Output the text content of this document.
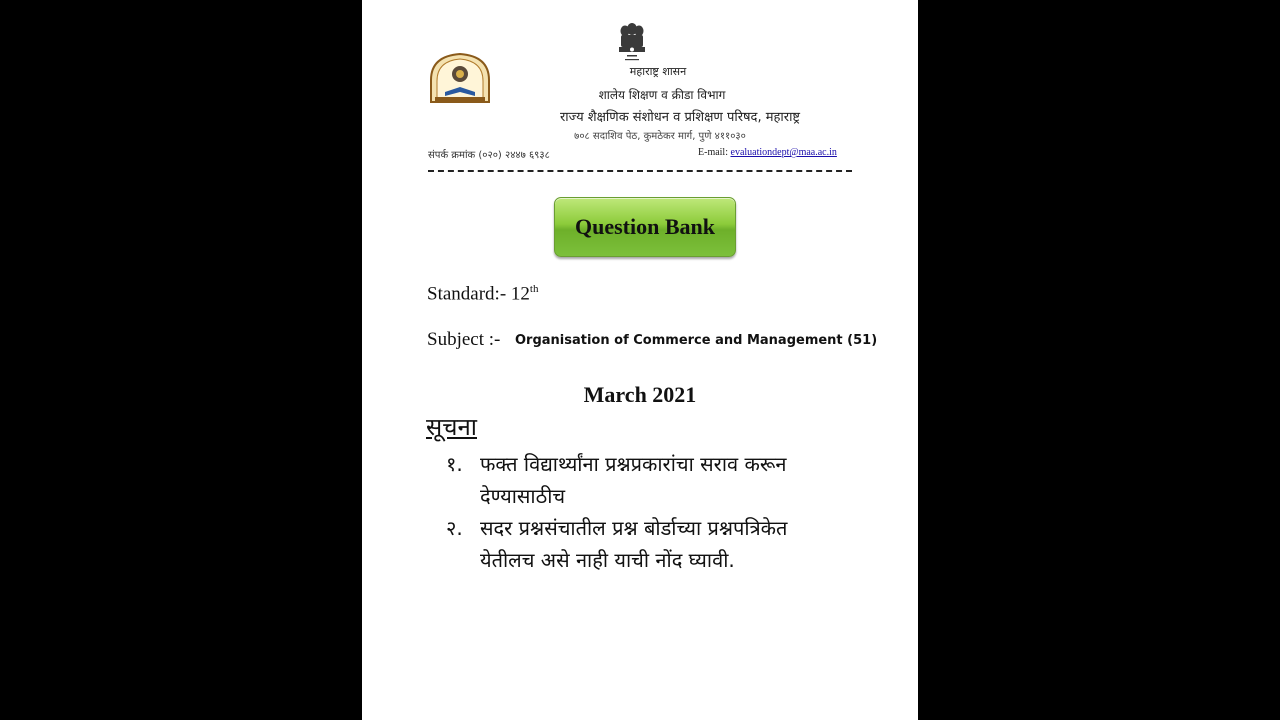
महाराष्ट्र शासन
शालेय शिक्षण व क्रीडा विभाग
राज्य शैक्षणिक संशोधन व प्रशिक्षण परिषद, महाराष्ट्र
७०८ सदाशिव पेठ, कुमठेकर मार्ग, पुणे ४११०३०
संपर्क क्रमांक (०२०) २४४७ ६९३८	E-mail: evaluationdept@maa.ac.in
Question Bank
Standard:- 12th
Subject :- Organisation of Commerce and Management (51)
March 2021
सूचना
१. फक्त विद्यार्थ्यांना प्रश्नप्रकारांचा सराव करून देण्यासाठीच
२. सदर प्रश्नसंचातील प्रश्न बोर्डाच्या प्रश्नपत्रिकेत येतीलच असे नाही याची नोंद घ्यावी.
